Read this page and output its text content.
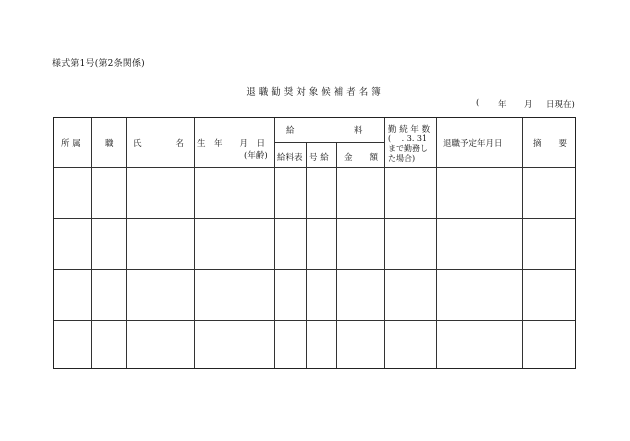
様式第1号(第2条関係)
退職勧奨対象候補者名簿
( 年 月 日現在)
所 属	職 氏　　　　名 生　年　　月　日
(年齢)
給　　　　　　　料
給料表 号 給 金　　額
勤 続 年 数
( 　. 3. 31
まで勤務し
た場合)
退職予定年月日	摘　　要
